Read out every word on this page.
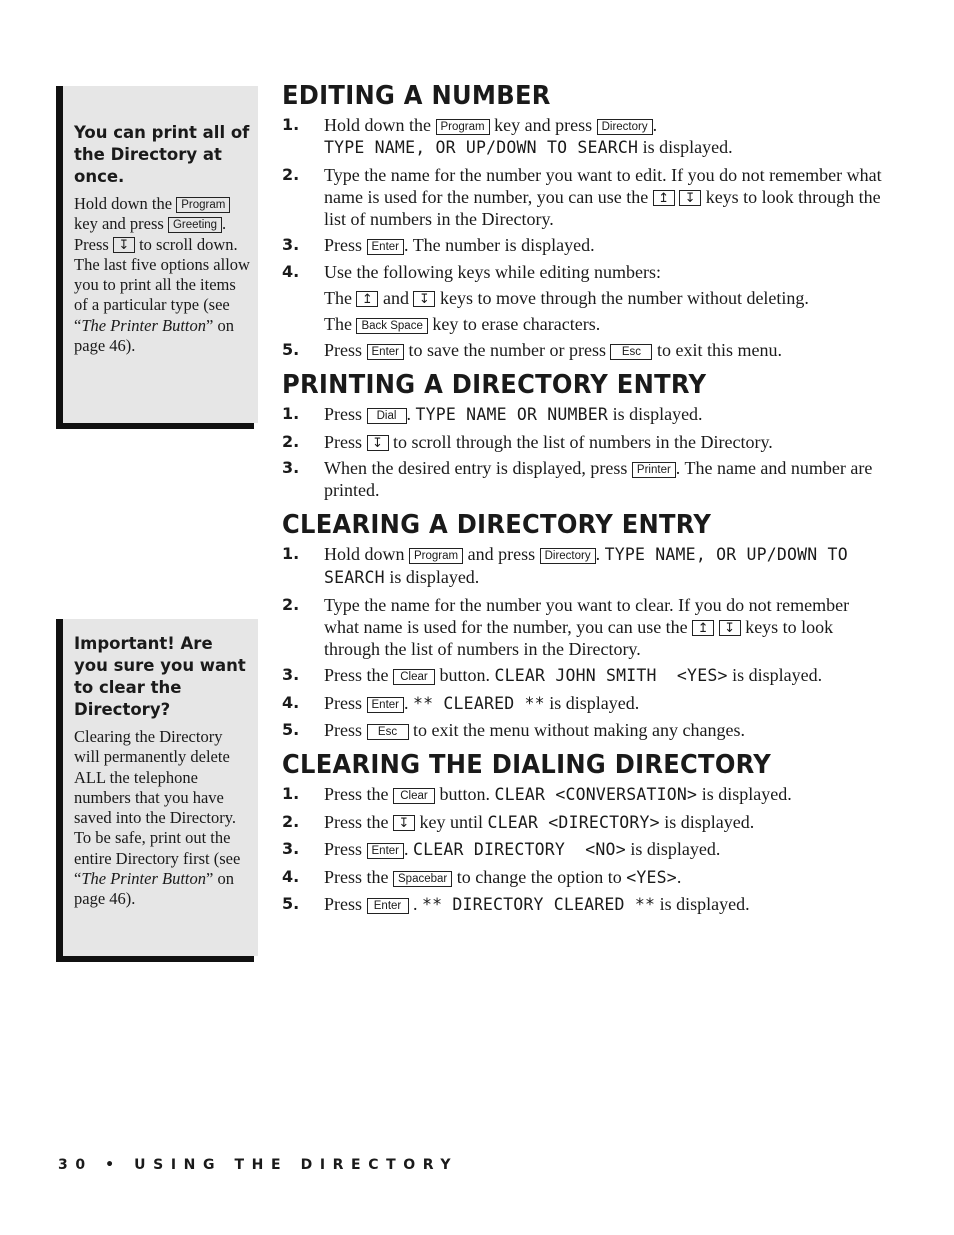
You can print all of the Directory at once.
Hold down the Program key and press Greeting . Press ↧ to scroll down. The last five options allow you to print all the items of a particular type (see “The Printer Button” on page 46).
Important! Are you sure you want to clear the Directory?
Clearing the Directory will permanently delete ALL the telephone numbers that you have saved into the Directory. To be safe, print out the entire Directory first (see “The Printer Button” on page 46).
EDITING A NUMBER
1. Hold down the Program key and press Directory .
TYPE NAME, OR UP/DOWN TO SEARCH is displayed.
2. Type the name for the number you want to edit. If you do not remember what name is used for the number, you can use the ↥ ↧ keys to look through the list of numbers in the Directory.
3. Press Enter . The number is displayed.
4. Use the following keys while editing numbers:
The ↥ and ↧ keys to move through the number without deleting.
The Back Space key to erase characters.
5. Press Enter to save the number or press Esc to exit this menu.
PRINTING A DIRECTORY ENTRY
1. Press Dial . TYPE NAME OR NUMBER is displayed.
2. Press ↧ to scroll through the list of numbers in the Directory.
3. When the desired entry is displayed, press Printer . The name and number are printed.
CLEARING A DIRECTORY ENTRY
1. Hold down Program and press Directory . TYPE NAME, OR UP/DOWN TO SEARCH is displayed.
2. Type the name for the number you want to clear. If you do not remember what name is used for the number, you can use the ↥ ↧ keys to look through the list of numbers in the Directory.
3. Press the Clear button. CLEAR JOHN SMITH  <YES> is displayed.
4. Press Enter . ** CLEARED ** is displayed.
5. Press Esc to exit the menu without making any changes.
CLEARING THE DIALING DIRECTORY
1. Press the Clear button. CLEAR <CONVERSATION> is displayed.
2. Press the ↧ key until CLEAR <DIRECTORY> is displayed.
3. Press Enter . CLEAR DIRECTORY  <NO> is displayed.
4. Press the Spacebar to change the option to <YES>.
5. Press Enter . ** DIRECTORY CLEARED ** is displayed.
30 • USING THE DIRECTORY
